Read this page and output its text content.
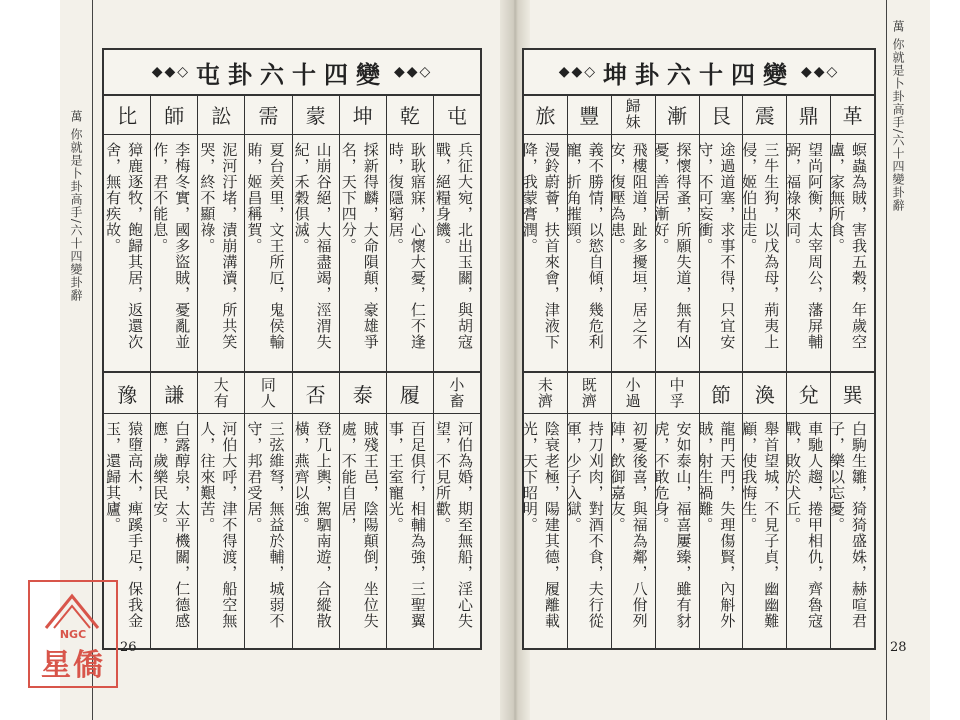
萬 你就是卜卦高手/六十四變卦辭
◆◆◇ 屯卦六十四變 ◆◆◇
屯
兵征大宛，北出玉關，與胡寇戰，絕糧身饑。
小
畜
河伯為婚，期至無船，淫心失望，不見所歡。
乾
耿耿寤寐，心懷大憂，仁不逢時，復隱窮居。
履
百足俱行，相輔為強，三聖翼事，王室寵光。
坤
採新得麟，大命隕顛，豪雄爭名，天下四分。
泰
賊殘王邑，陰陽顛倒，坐位失處，不能自居，
蒙
山崩谷絕，大福盡竭，涇渭失紀，禾穀俱滅。
否
登几上輿，駕駟南遊，合縱散橫，燕齊以強。
需
夏台羑里，文王所厄，鬼侯輸賄，姬昌稱賀。
同
人
三弦維弩，無益於輔，城弱不守，邦君受居。
訟
泥河汙堵，漬崩溝瀆，所共笑哭，終不顯祿。
大
有
河伯大呼，津不得渡，船空無人，往來艱苦。
師
李梅冬實，國多盜賊，憂亂並作，君不能息。
謙
白露醇泉，太平機關，仁德感應，歲樂民安。
比
獐鹿逐牧，飽歸其居，返還次舍，無有疾故。
豫
猿墮高木，痺蹊手足，保我金玉，還歸其廬。
26
◆◆◇ 坤卦六十四變 ◆◆◇
革
螟蟲為賊，害我五穀，年歲空盧，家無所食。
巽
白駒生雛，猗猗盛姝，赫喧君子，樂以忘憂。
鼎
望尚阿衡，太宰周公，藩屏輔弼，福祿來同。
兌
車馳人趨，捲甲相仇，齊魯寇戰，敗於犬丘。
震
三牛生狗，以戊為母，荊夷上侵，姬伯出走。
渙
舉首望城，不見子貞，幽幽難顧，使我悔生。
艮
途過道塞，求事不得，只宜安守，不可妄衝。
節
龍門天門，失理傷賢，內斛外賊，射生禍難。
漸
探懷得蚤，所願失道，無有凶憂，善居漸好。
中
孚
安如泰山，福喜屢臻，雖有豺虎，不敢危身。
歸
妹
飛樓阻道，趾多擾垣，居之不安，復壓為患。
小
過
初憂後喜，與福為鄰，八佾列陣，飲御嘉友。
豐
義不勝情，以慾自傾，幾危利寵，折角摧頸。
既
濟
持刀刈肉，對酒不食，夫行從軍，少子入獄。
旅
漫鈴蔚薈，扶首來會，津液下降，我蒙膏潤。
未
濟
陰衰老極，陽建其德，履離載光，天下昭明。
萬 你就是卜卦高手/六十四變卦辭
28
NGC
星僑
